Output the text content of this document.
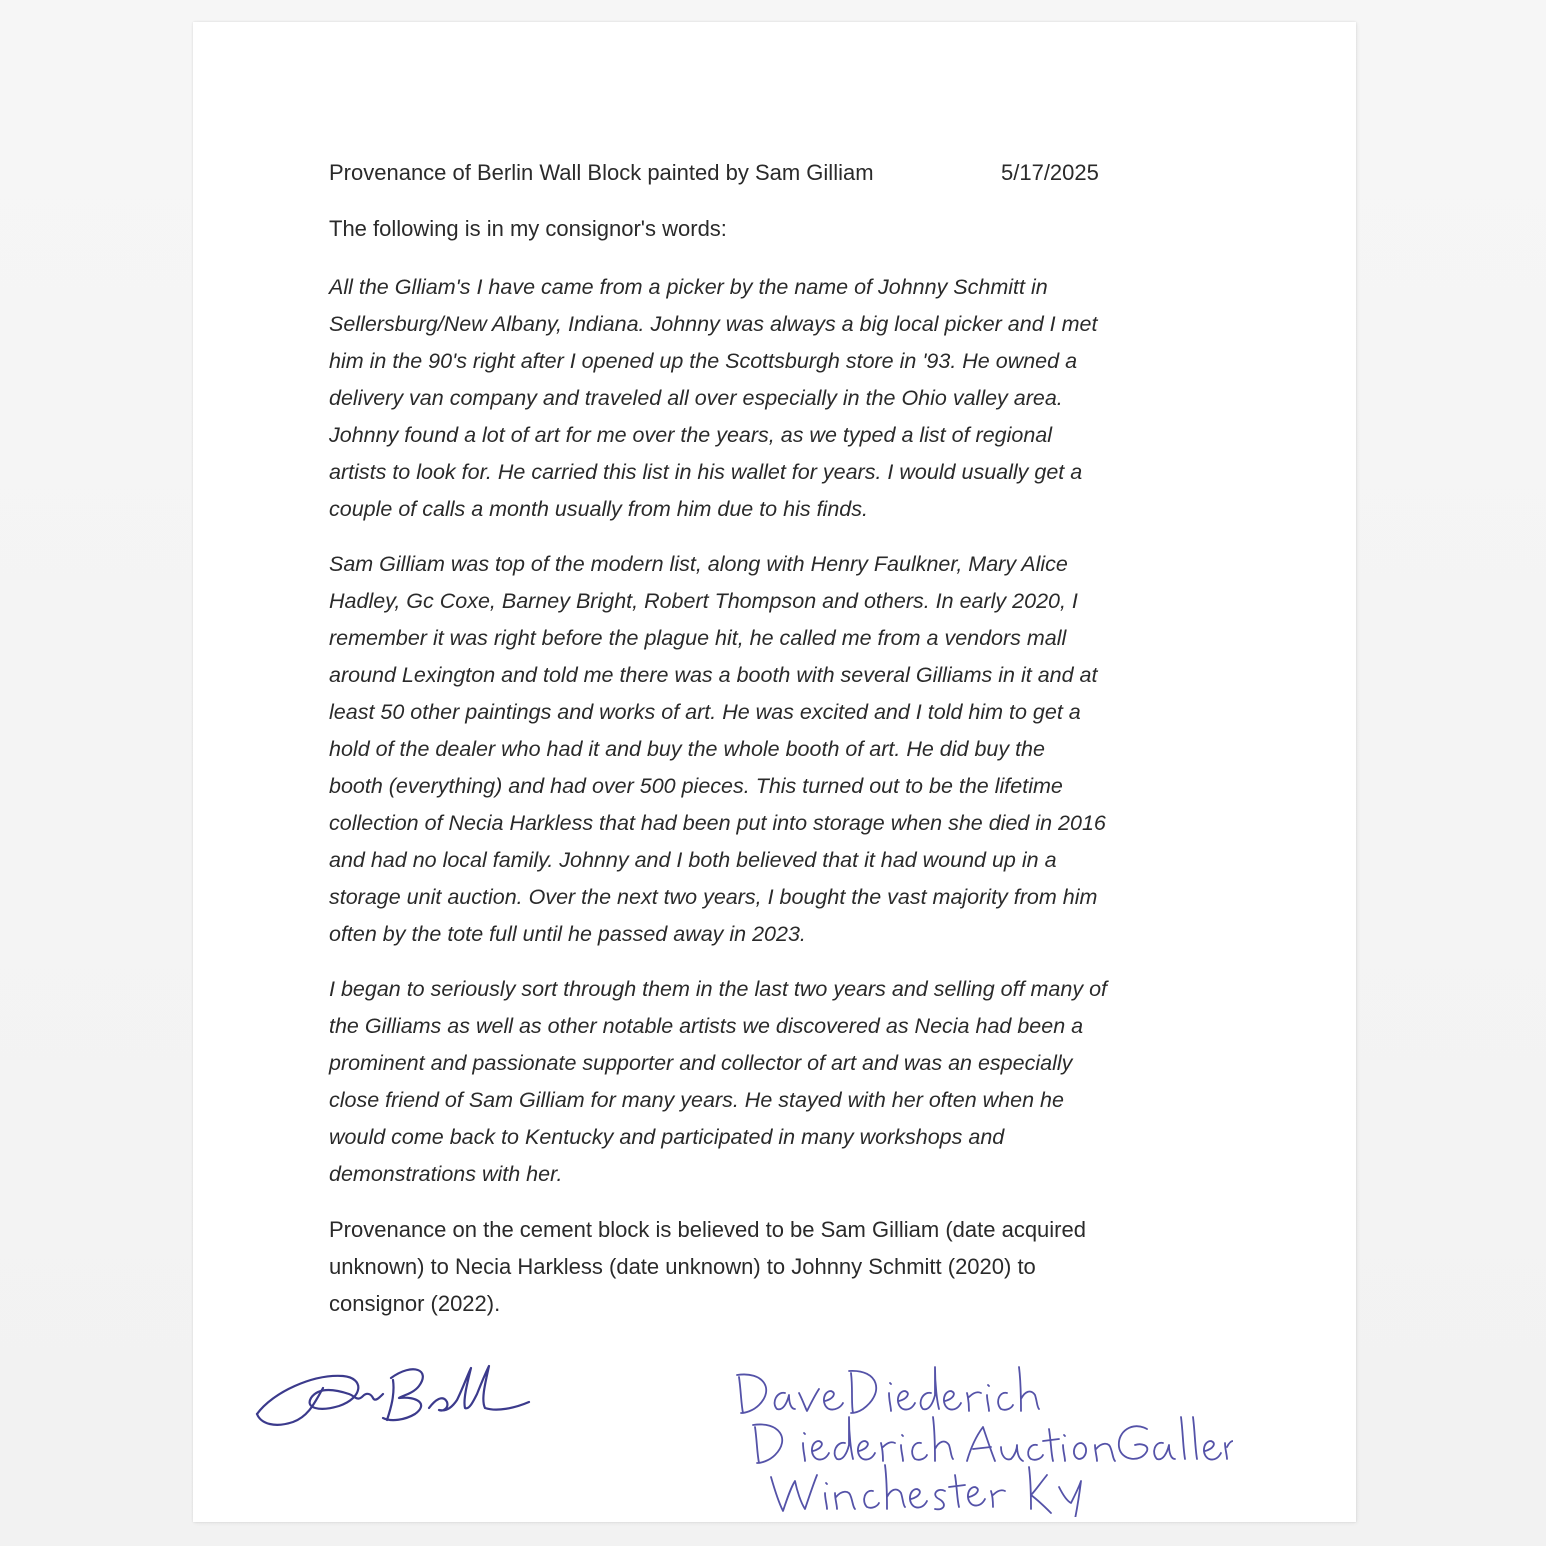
Provenance of Berlin Wall Block painted by Sam Gilliam	5/17/2025
The following is in my consignor's words:

All the Glliam's I have came from a picker by the name of Johnny Schmitt in
Sellersburg/New Albany, Indiana. Johnny was always a big local picker and I met
him in the 90's right after I opened up the Scottsburgh store in '93. He owned a
delivery van company and traveled all over especially in the Ohio valley area.
Johnny found a lot of art for me over the years, as we typed a list of regional
artists to look for. He carried this list in his wallet for years. I would usually get a
couple of calls a month usually from him due to his finds.

Sam Gilliam was top of the modern list, along with Henry Faulkner, Mary Alice
Hadley, Gc Coxe, Barney Bright, Robert Thompson and others. In early 2020, I
remember it was right before the plague hit, he called me from a vendors mall
around Lexington and told me there was a booth with several Gilliams in it and at
least 50 other paintings and works of art. He was excited and I told him to get a
hold of the dealer who had it and buy the whole booth of art. He did buy the
booth (everything) and had over 500 pieces. This turned out to be the lifetime
collection of Necia Harkless that had been put into storage when she died in 2016
and had no local family. Johnny and I both believed that it had wound up in a
storage unit auction. Over the next two years, I bought the vast majority from him
often by the tote full until he passed away in 2023.

I began to seriously sort through them in the last two years and selling off many of
the Gilliams as well as other notable artists we discovered as Necia had been a
prominent and passionate supporter and collector of art and was an especially
close friend of Sam Gilliam for many years. He stayed with her often when he
would come back to Kentucky and participated in many workshops and
demonstrations with her.

Provenance on the cement block is believed to be Sam Gilliam (date acquired
unknown) to Necia Harkless (date unknown) to Johnny Schmitt (2020) to
consignor (2022).
